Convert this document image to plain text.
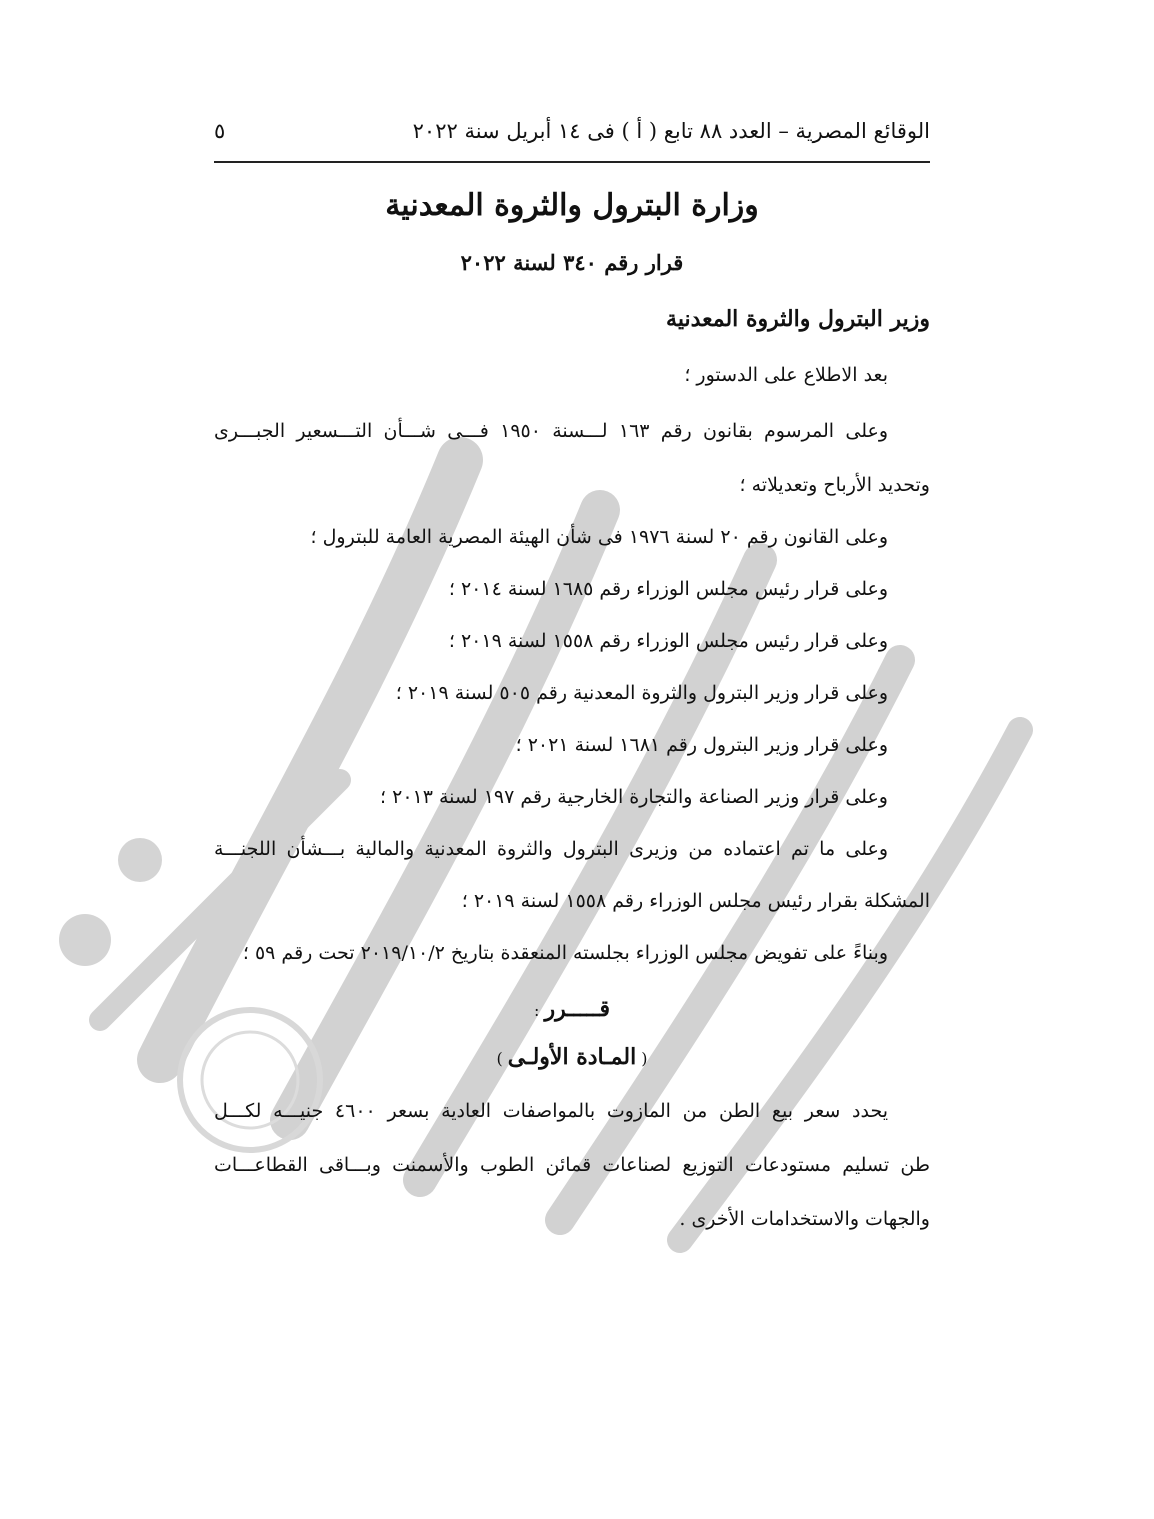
الوقائع المصرية – العدد ٨٨ تابع ( أ ) فى ١٤ أبريل سنة ٢٠٢٢
٥
وزارة البترول والثروة المعدنية
قرار رقم ٣٤٠ لسنة ٢٠٢٢
وزير البترول والثروة المعدنية
بعد الاطلاع على الدستور ؛
وعلى المرسوم بقانون رقم ١٦٣ لـــسنة ١٩٥٠ فـــى شـــأن التـــسعير الجبـــرى
وتحديد الأرباح وتعديلاته ؛
وعلى القانون رقم ٢٠ لسنة ١٩٧٦ فى شأن الهيئة المصرية العامة للبترول ؛
وعلى قرار رئيس مجلس الوزراء رقم ١٦٨٥ لسنة ٢٠١٤ ؛
وعلى قرار رئيس مجلس الوزراء رقم ١٥٥٨ لسنة ٢٠١٩ ؛
وعلى قرار وزير البترول والثروة المعدنية رقم ٥٠٥ لسنة ٢٠١٩ ؛
وعلى قرار وزير البترول رقم ١٦٨١ لسنة ٢٠٢١ ؛
وعلى قرار وزير الصناعة والتجارة الخارجية رقم ١٩٧ لسنة ٢٠١٣ ؛
وعلى ما تم اعتماده من وزيرى البترول والثروة المعدنية والمالية بـــشأن اللجنـــة
المشكلة بقرار رئيس مجلس الوزراء رقم ١٥٥٨ لسنة ٢٠١٩ ؛
وبناءً على تفويض مجلس الوزراء بجلسته المنعقدة بتاريخ ٢٠١٩/١٠/٢ تحت رقم ٥٩ ؛
قـــــرر :
( المـادة الأولـى )
يحدد سعر بيع الطن من المازوت بالمواصفات العادية بسعر ٤٦٠٠ جنيـــه لكـــل
طن تسليم مستودعات التوزيع لصناعات قمائن الطوب والأسمنت وبـــاقى القطاعـــات
والجهات والاستخدامات الأخرى .
